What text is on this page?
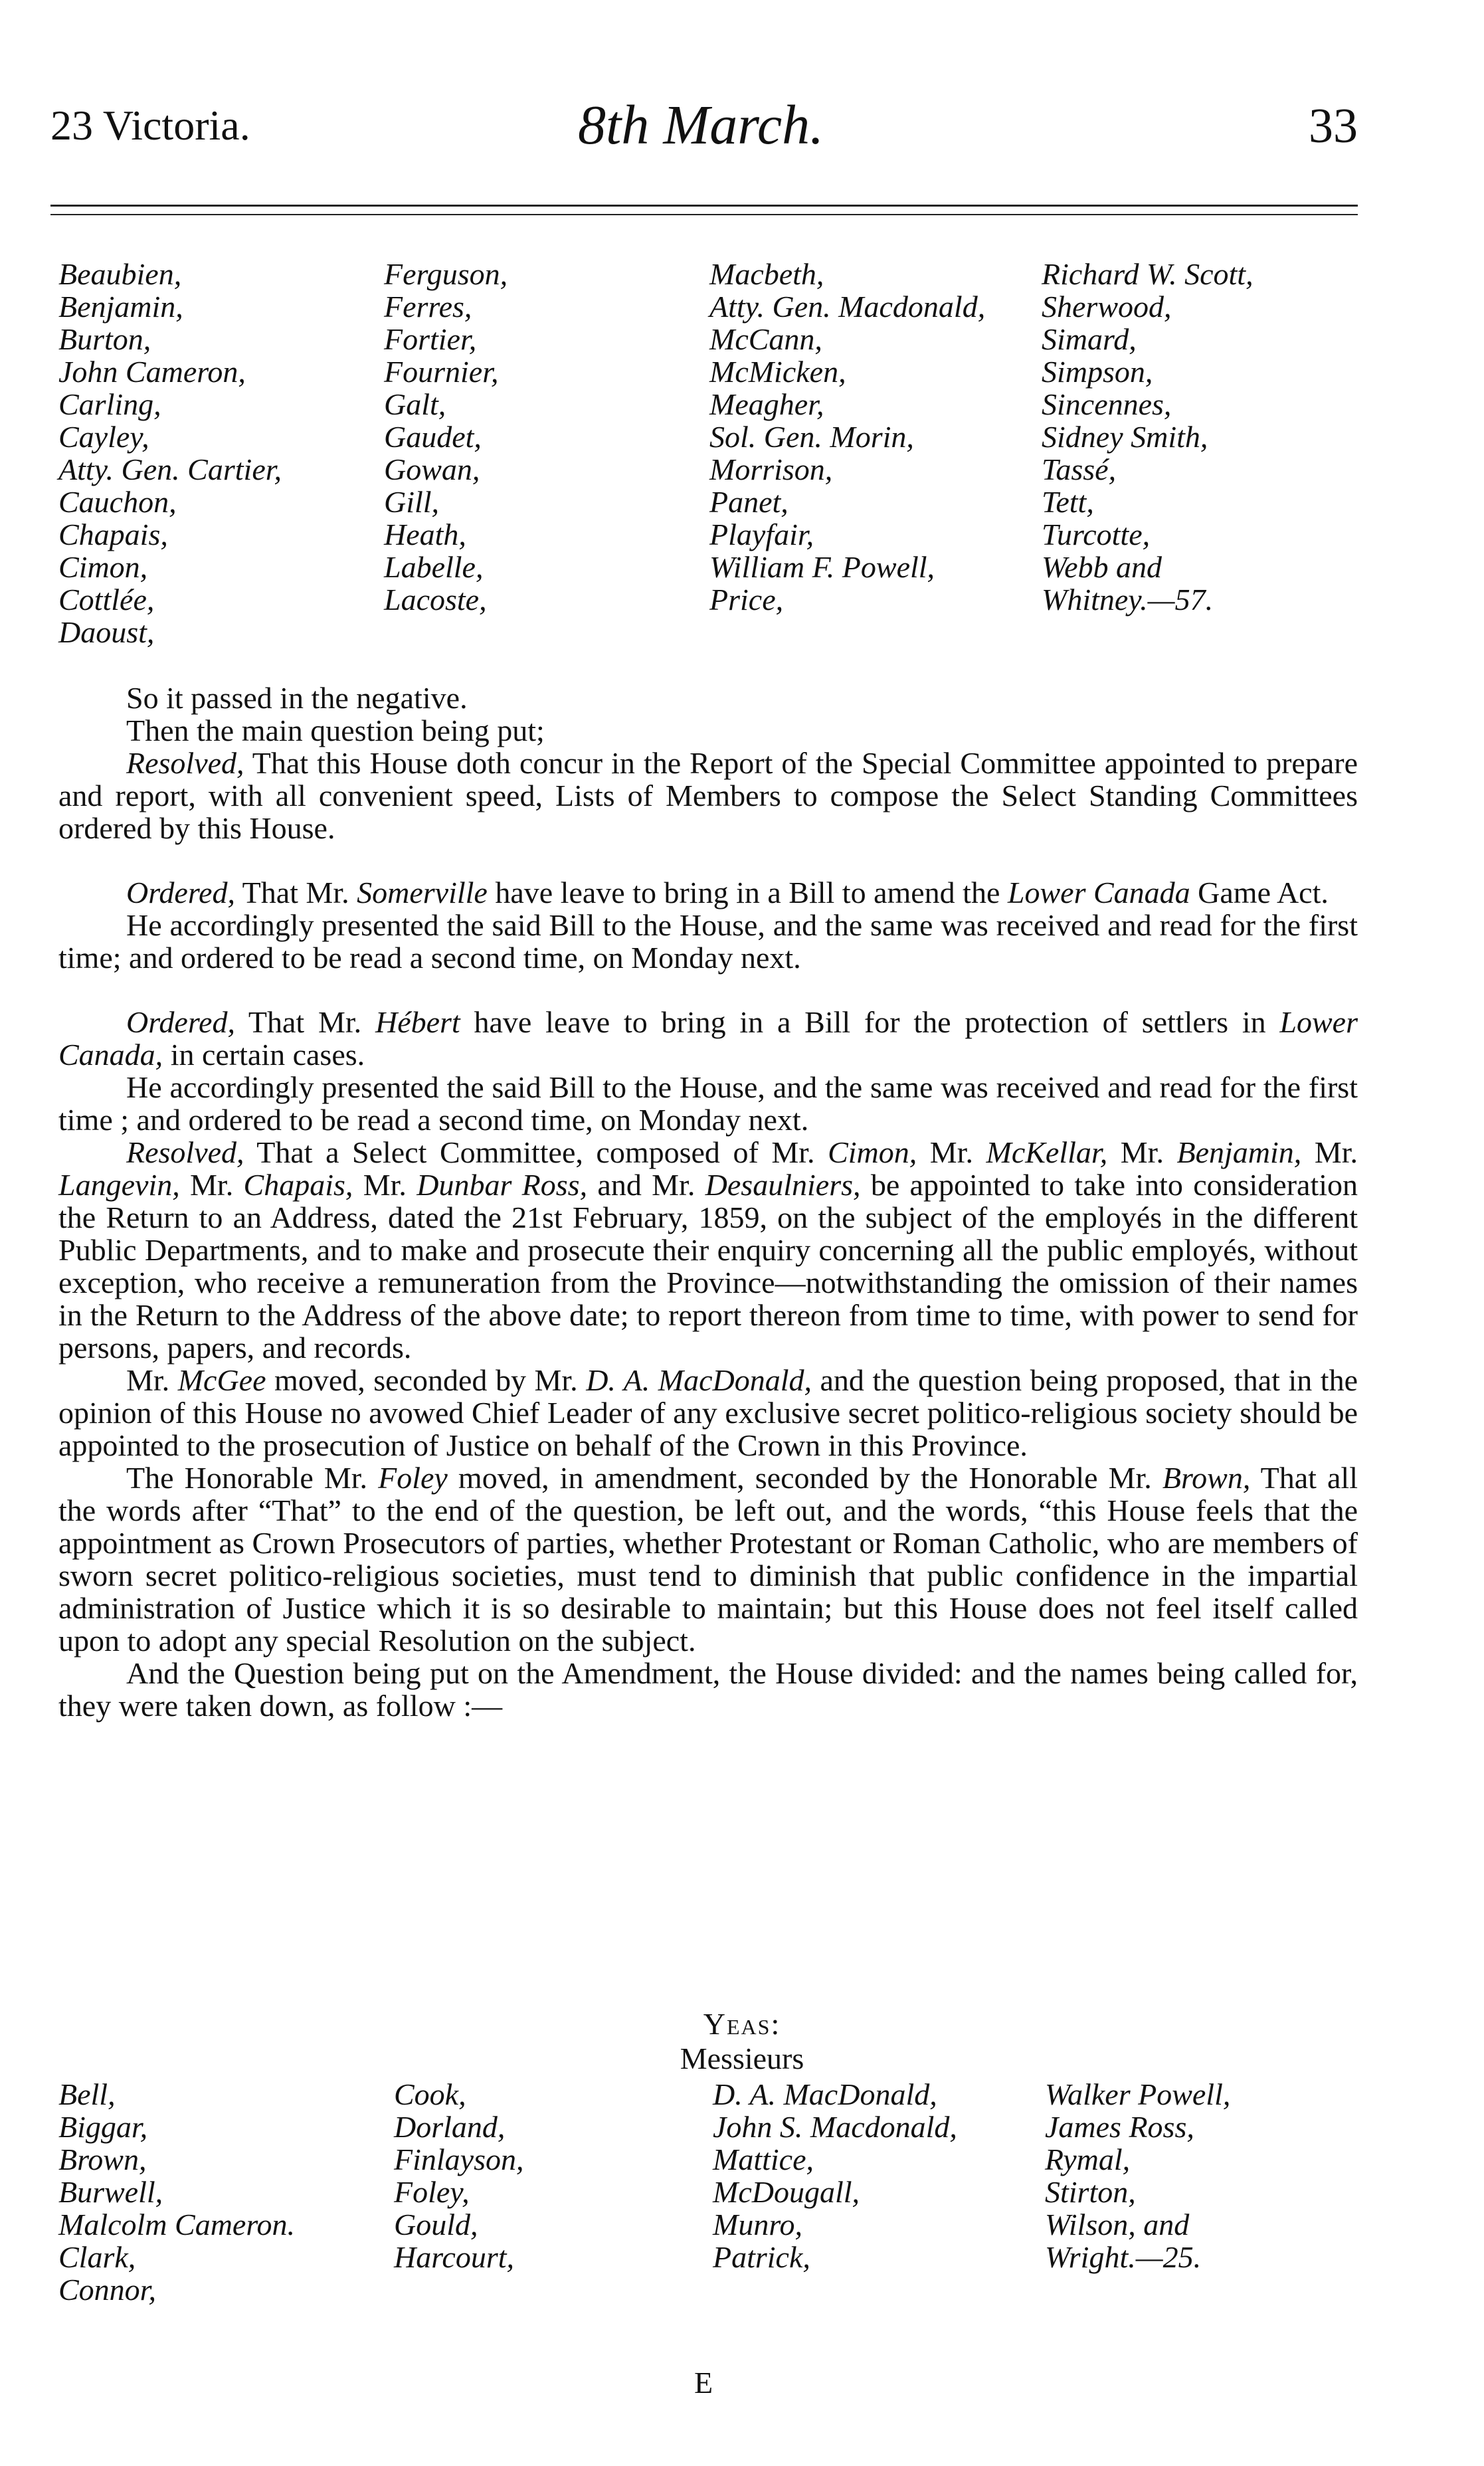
23 Victoria.	8th March.	33
Beaubien,
Benjamin,
Burton,
John Cameron,
Carling,
Cayley,
Atty. Gen. Cartier,
Cauchon,
Chapais,
Cimon,
Cottlée,
Daoust,
Ferguson,
Ferres,
Fortier,
Fournier,
Galt,
Gaudet,
Gowan,
Gill,
Heath,
Labelle,
Lacoste,
Macbeth,
Atty. Gen. Macdonald,
McCann,
McMicken,
Meagher,
Sol. Gen. Morin,
Morrison,
Panet,
Playfair,
William F. Powell,
Price,
Richard W. Scott,
Sherwood,
Simard,
Simpson,
Sincennes,
Sidney Smith,
Tassé,
Tett,
Turcotte,
Webb and
Whitney.—57.

So it passed in the negative.

Then the main question being put;

Resolved, That this House doth concur in the Report of the Special Committee appointed to prepare and report, with all convenient speed, Lists of Members to compose the Select Standing Committees ordered by this House.

Ordered, That Mr. Somerville have leave to bring in a Bill to amend the Lower Canada Game Act.

He accordingly presented the said Bill to the House, and the same was received and read for the first time; and ordered to be read a second time, on Monday next.

Ordered, That Mr. Hébert have leave to bring in a Bill for the protection of settlers in Lower Canada, in certain cases.

He accordingly presented the said Bill to the House, and the same was received and read for the first time ; and ordered to be read a second time, on Monday next.

Resolved, That a Select Committee, composed of Mr. Cimon, Mr. McKellar, Mr. Benjamin, Mr. Langevin, Mr. Chapais, Mr. Dunbar Ross, and Mr. Desaulniers, be appointed to take into consideration the Return to an Address, dated the 21st February, 1859, on the subject of the employés in the different Public Departments, and to make and prosecute their enquiry concerning all the public employés, without exception, who receive a remuneration from the Province—notwithstanding the omission of their names in the Return to the Address of the above date; to report thereon from time to time, with power to send for persons, papers, and records.

Mr. McGee moved, seconded by Mr. D. A. MacDonald, and the question being proposed, that in the opinion of this House no avowed Chief Leader of any exclusive secret politico-religious society should be appointed to the prosecution of Justice on behalf of the Crown in this Province.

The Honorable Mr. Foley moved, in amendment, seconded by the Honorable Mr. Brown, That all the words after “That” to the end of the question, be left out, and the words, “this House feels that the appointment as Crown Prosecutors of parties, whether Protestant or Roman Catholic, who are members of sworn secret politico-religious societies, must tend to diminish that public confidence in the impartial administration of Justice which it is so desirable to maintain; but this House does not feel itself called upon to adopt any special Resolution on the subject.

And the Question being put on the Amendment, the House divided: and the names being called for, they were taken down, as follow :—

Yeas:
Messieurs
Bell,
Biggar,
Brown,
Burwell,
Malcolm Cameron.
Clark,
Connor,
Cook,
Dorland,
Finlayson,
Foley,
Gould,
Harcourt,
D. A. MacDonald,
John S. Macdonald,
Mattice,
McDougall,
Munro,
Patrick,
Walker Powell,
James Ross,
Rymal,
Stirton,
Wilson, and
Wright.—25.
E
